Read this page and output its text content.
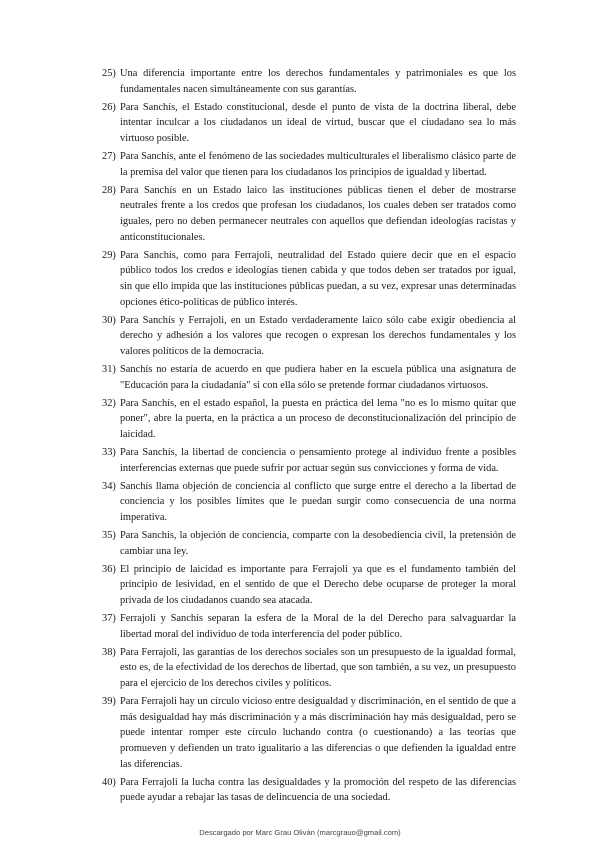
25) Una diferencia importante entre los derechos fundamentales y patrimoniales es que los fundamentales nacen simultáneamente con sus garantías.
26) Para Sanchís, el Estado constitucional, desde el punto de vista de la doctrina liberal, debe intentar inculcar a los ciudadanos un ideal de virtud, buscar que el ciudadano sea lo más virtuoso posible.
27) Para Sanchís, ante el fenómeno de las sociedades multiculturales el liberalismo clásico parte de la premisa del valor que tienen para los ciudadanos los principios de igualdad y libertad.
28) Para Sanchís en un Estado laico las instituciones públicas tienen el deber de mostrarse neutrales frente a los credos que profesan los ciudadanos, los cuales deben ser tratados como iguales, pero no deben permanecer neutrales con aquellos que defiendan ideologías racistas y anticonstitucionales.
29) Para Sanchís, como para Ferrajoli, neutralidad del Estado quiere decir que en el espacio público todos los credos e ideologías tienen cabida y que todos deben ser tratados por igual, sin que ello impida que las instituciones públicas puedan, a su vez, expresar unas determinadas opciones ético-políticas de público interés.
30) Para Sanchís y Ferrajoli, en un Estado verdaderamente laico sólo cabe exigir obediencia al derecho y adhesión a los valores que recogen o expresan los derechos fundamentales y los valores políticos de la democracia.
31) Sanchís no estaría de acuerdo en que pudiera haber en la escuela pública una asignatura de "Educación para la ciudadanía" si con ella sólo se pretende formar ciudadanos virtuosos.
32) Para Sanchís, en el estado español, la puesta en práctica del lema "no es lo mismo quitar que poner", abre la puerta, en la práctica a un proceso de deconstitucionalización del principio de laicidad.
33) Para Sanchís, la libertad de conciencia o pensamiento protege al individuo frente a posibles interferencias externas que puede sufrir por actuar según sus convicciones y forma de vida.
34) Sanchís llama objeción de conciencia al conflicto que surge entre el derecho a la libertad de conciencia y los posibles límites que le puedan surgir como consecuencia de una norma imperativa.
35) Para Sanchís, la objeción de conciencia, comparte con la desobediencia civil, la pretensión de cambiar una ley.
36) El principio de laicidad es importante para Ferrajoli ya que es el fundamento también del principio de lesividad, en el sentido de que el Derecho debe ocuparse de proteger la moral privada de los ciudadanos cuando sea atacada.
37) Ferrajoli y Sanchís separan la esfera de la Moral de la del Derecho para salvaguardar la libertad moral del individuo de toda interferencia del poder público.
38) Para Ferrajoli, las garantías de los derechos sociales son un presupuesto de la igualdad formal, esto es, de la efectividad de los derechos de libertad, que son también, a su vez, un presupuesto para el ejercicio de los derechos civiles y políticos.
39) Para Ferrajoli hay un círculo vicioso entre desigualdad y discriminación, en el sentido de que a más desigualdad hay más discriminación y a más discriminación hay más desigualdad, pero se puede intentar romper este círculo luchando contra (o cuestionando) a las teorías que promueven y defienden un trato igualitario a las diferencias o que defienden la igualdad entre las diferencias.
40) Para Ferrajoli la lucha contra las desigualdades y la promoción del respeto de las diferencias puede ayudar a rebajar las tasas de delincuencia de una sociedad.
Descargado por Marc Grau Olivàn (marcgrauo@gmail.com)
